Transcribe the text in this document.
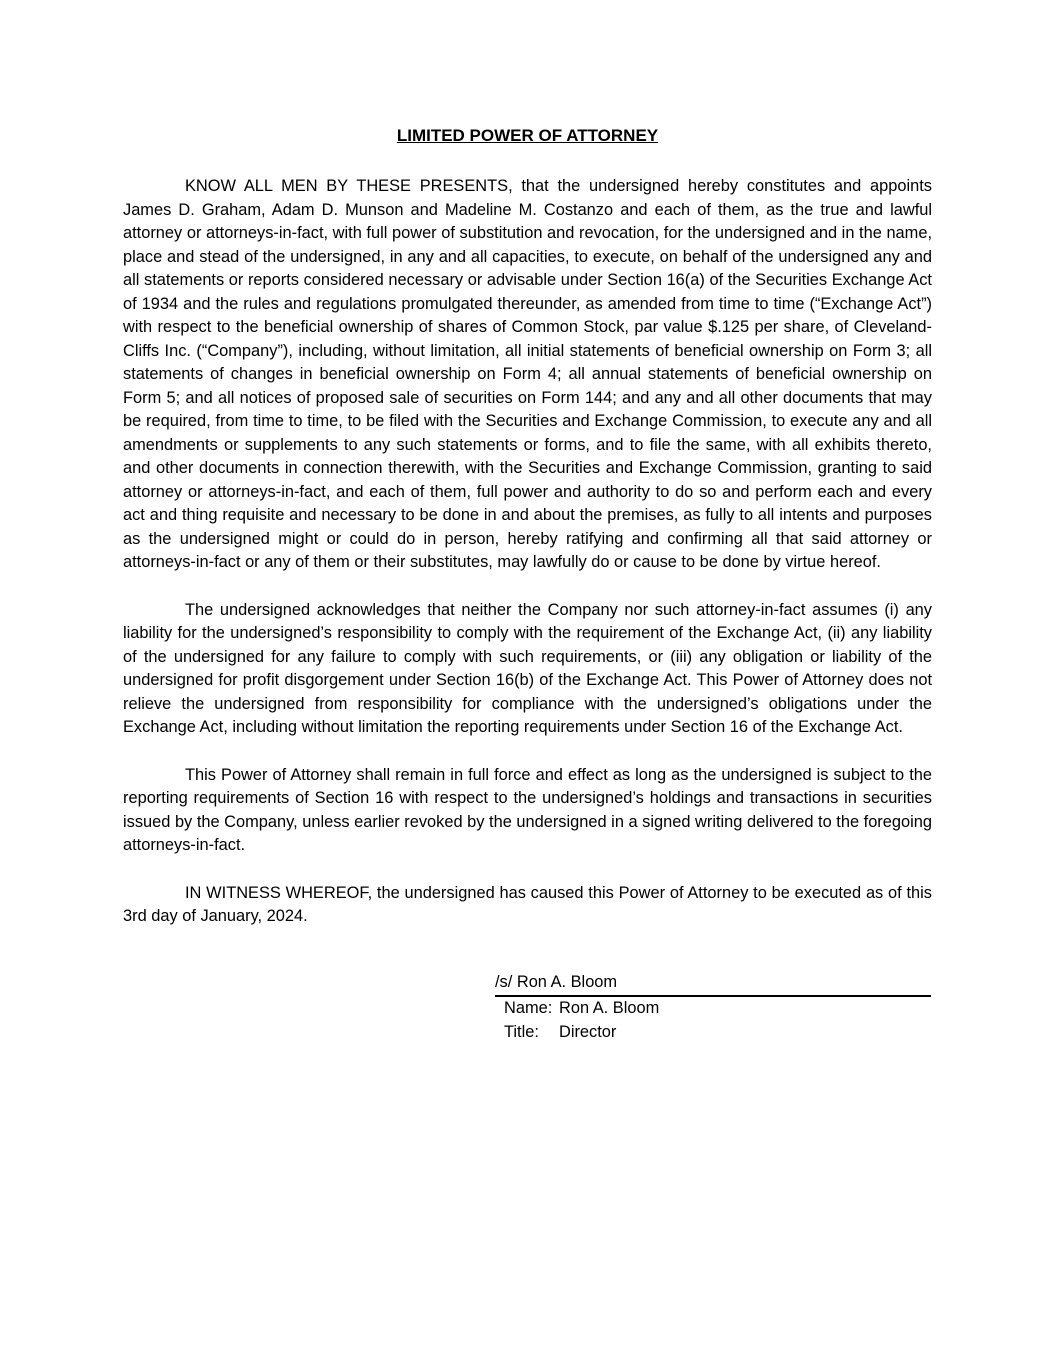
LIMITED POWER OF ATTORNEY

KNOW ALL MEN BY THESE PRESENTS, that the undersigned hereby constitutes and appoints James D. Graham, Adam D. Munson and Madeline M. Costanzo and each of them, as the true and lawful attorney or attorneys-in-fact, with full power of substitution and revocation, for the undersigned and in the name, place and stead of the undersigned, in any and all capacities, to execute, on behalf of the undersigned any and all statements or reports considered necessary or advisable under Section 16(a) of the Securities Exchange Act of 1934 and the rules and regulations promulgated thereunder, as amended from time to time (“Exchange Act”) with respect to the beneficial ownership of shares of Common Stock, par value $.125 per share, of Cleveland-Cliffs Inc. (“Company”), including, without limitation, all initial statements of beneficial ownership on Form 3; all statements of changes in beneficial ownership on Form 4; all annual statements of beneficial ownership on Form 5; and all notices of proposed sale of securities on Form 144; and any and all other documents that may be required, from time to time, to be filed with the Securities and Exchange Commission, to execute any and all amendments or supplements to any such statements or forms, and to file the same, with all exhibits thereto, and other documents in connection therewith, with the Securities and Exchange Commission, granting to said attorney or attorneys-in-fact, and each of them, full power and authority to do so and perform each and every act and thing requisite and necessary to be done in and about the premises, as fully to all intents and purposes as the undersigned might or could do in person, hereby ratifying and confirming all that said attorney or attorneys-in-fact or any of them or their substitutes, may lawfully do or cause to be done by virtue hereof.

The undersigned acknowledges that neither the Company nor such attorney-in-fact assumes (i) any liability for the undersigned’s responsibility to comply with the requirement of the Exchange Act, (ii) any liability of the undersigned for any failure to comply with such requirements, or (iii) any obligation or liability of the undersigned for profit disgorgement under Section 16(b) of the Exchange Act. This Power of Attorney does not relieve the undersigned from responsibility for compliance with the undersigned’s obligations under the Exchange Act, including without limitation the reporting requirements under Section 16 of the Exchange Act.

This Power of Attorney shall remain in full force and effect as long as the undersigned is subject to the reporting requirements of Section 16 with respect to the undersigned’s holdings and transactions in securities issued by the Company, unless earlier revoked by the undersigned in a signed writing delivered to the foregoing attorneys-in-fact.

IN WITNESS WHEREOF, the undersigned has caused this Power of Attorney to be executed as of this 3rd day of January, 2024.

/s/ Ron A. Bloom
Name: Ron A. Bloom
Title:	Director
